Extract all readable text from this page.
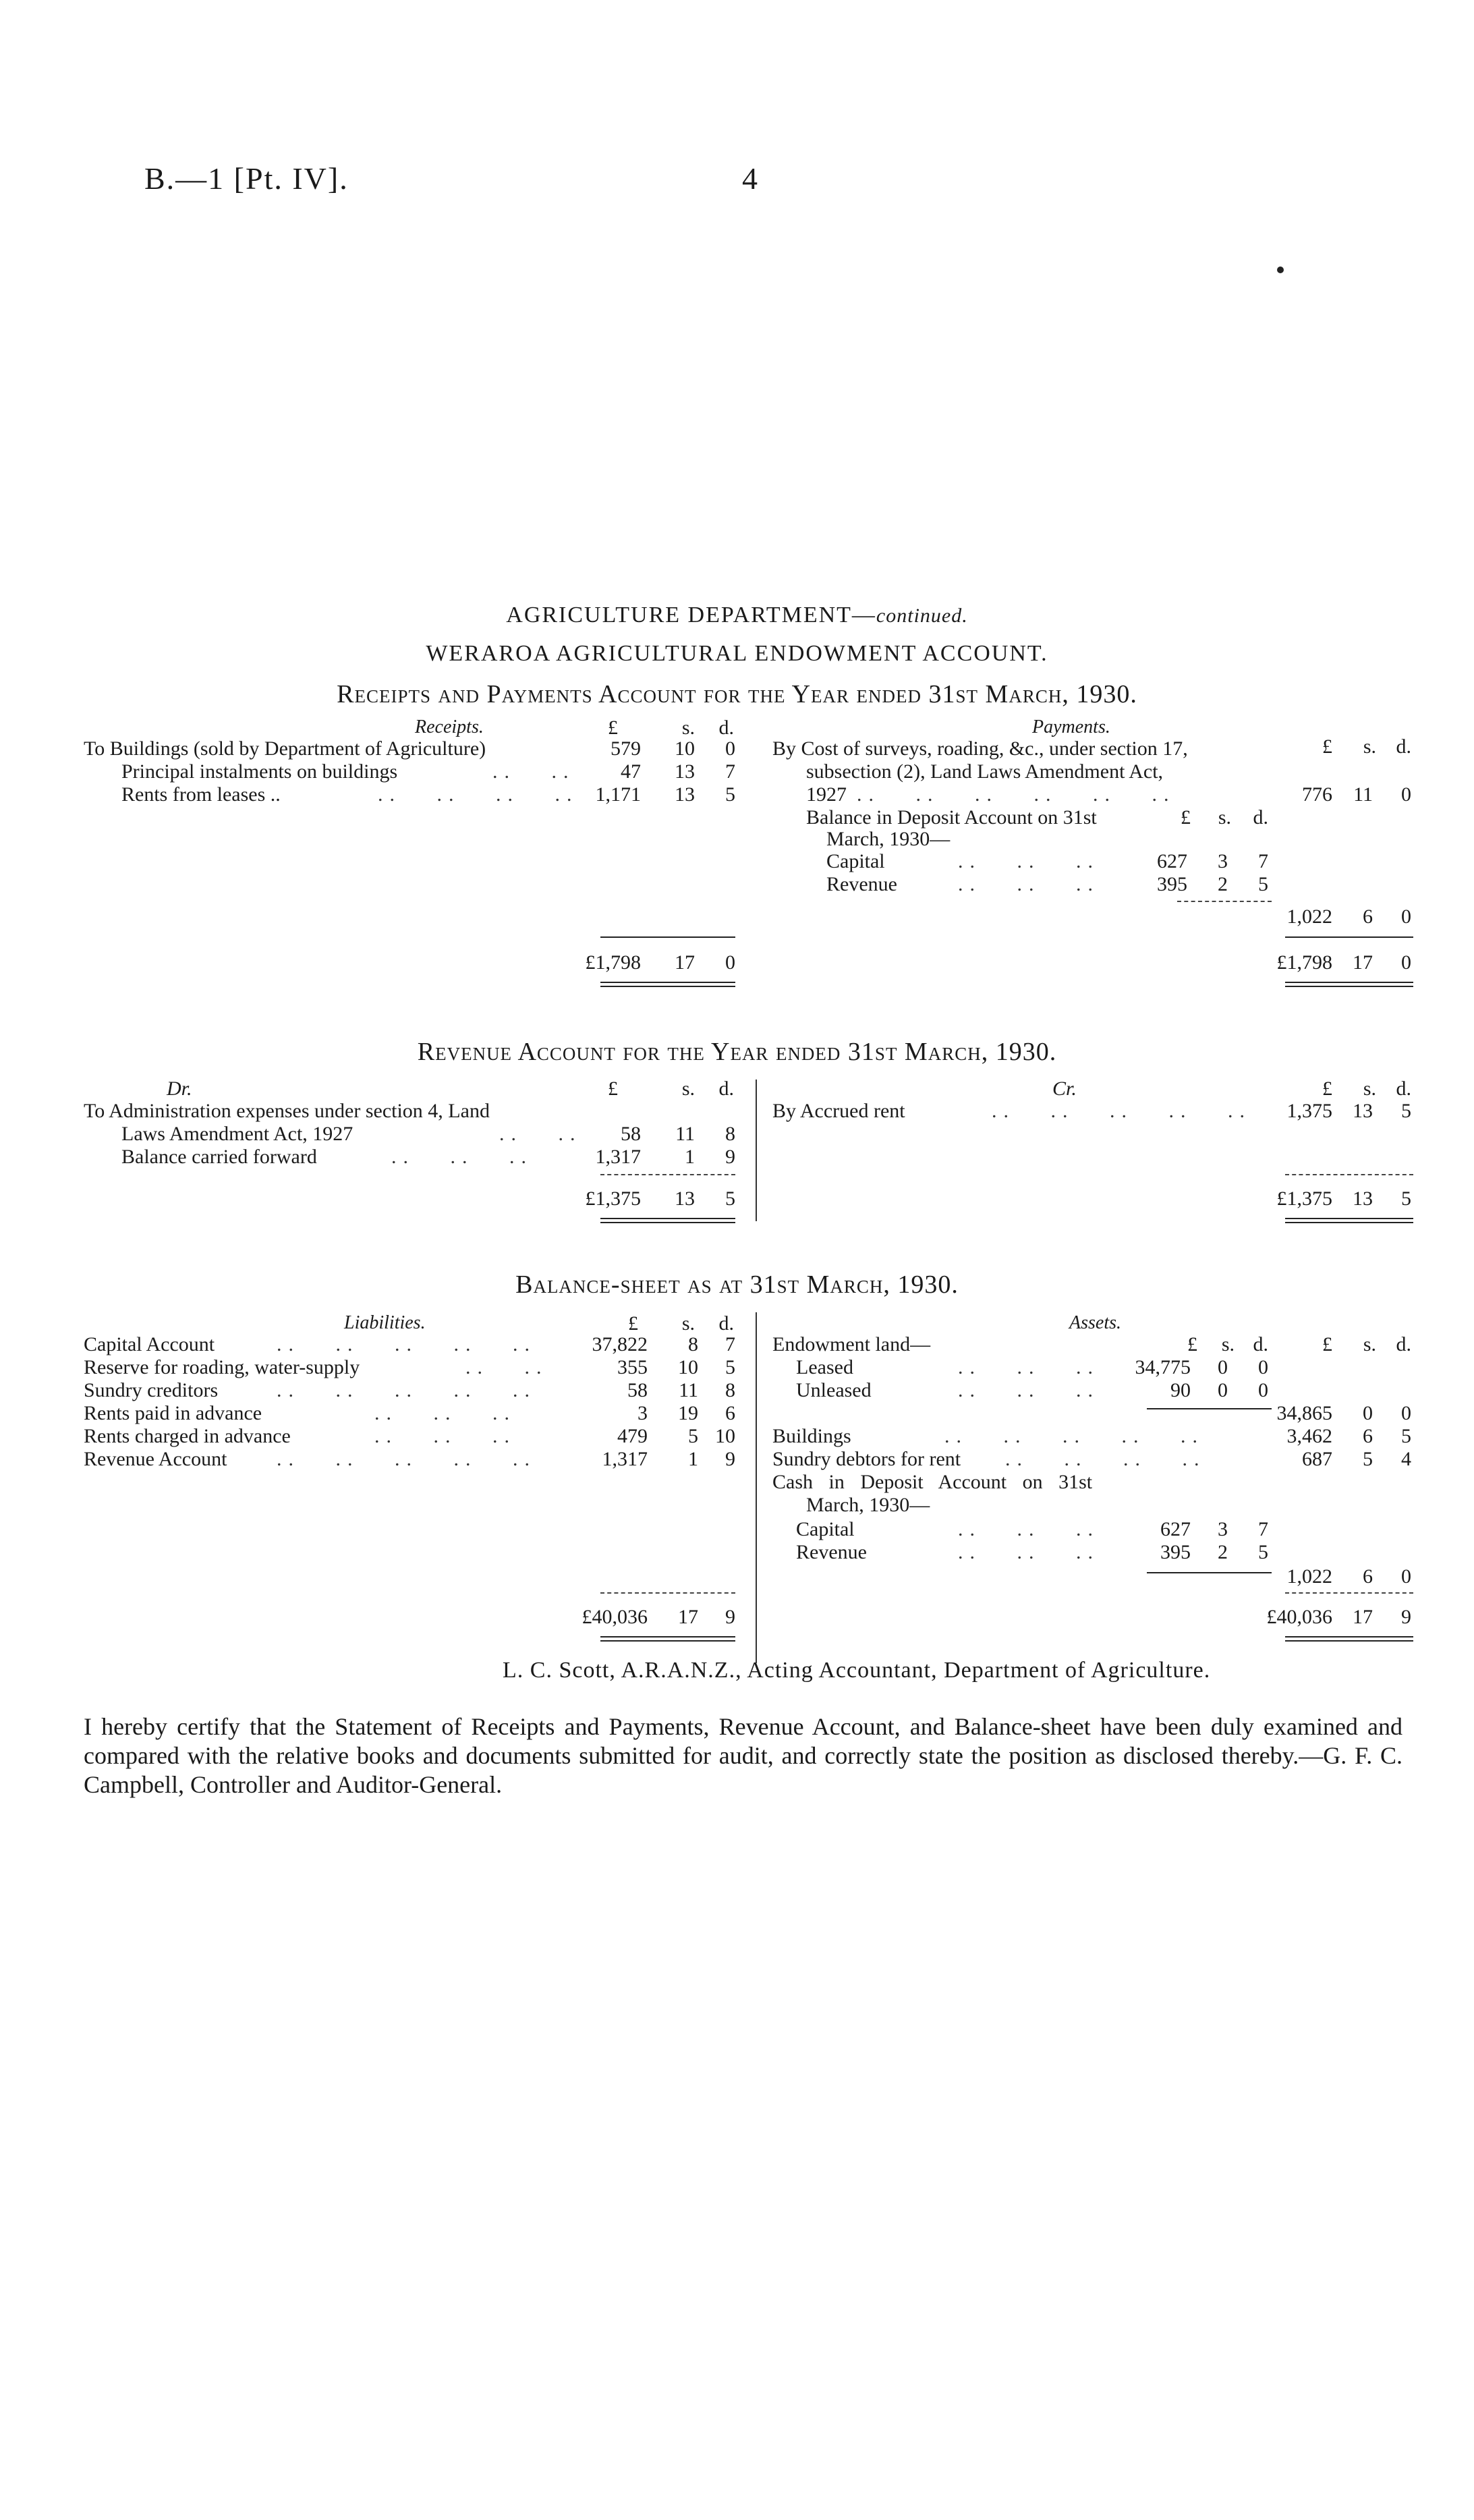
B.—1 [Pt. IV].	4
AGRICULTURE DEPARTMENT—continued.
WERAROA AGRICULTURAL ENDOWMENT ACCOUNT.
Receipts and Payments Account for the Year ended 31st March, 1930.
Receipts.	£	s.	d.	Payments.
£	s. d.
To Buildings (sold by Department of Agriculture)	579	10	0
Principal instalments on buildings	..   ..	47	13	7
Rents from leases ..	..   ..   ..   .. 1,171	13	5
By Cost of surveys, roading, &c., under section 17,
subsection (2), Land Laws Amendment Act,
1927 ..   ..   ..   ..   ..   ..	776	11	0
Balance in Deposit Account on 31st	£	s.	d.
March, 1930—
Capital	..   ..   ..	627	3	7
Revenue	..   ..   ..	395	2	5
1,022	6	0
£1,798	17	0	£1,798	17	0
Revenue Account for the Year ended 31st March, 1930.
Dr.	£	s.	d.	Cr.	£	s. d.
To Administration expenses under section 4, Land
Laws Amendment Act, 1927	..   ..	58	11	8
Balance carried forward	..   ..   ..	1,317	1	9
By Accrued rent	..   ..   ..   ..   ..	1,375	13	5
£1,375	13	5	£1,375	13	5
Balance-sheet as at 31st March, 1930.
Liabilities.	£	s.	d.	Assets.
Capital Account	..   ..   ..   ..   ..	37,822	8	7
Reserve for roading, water-supply	..   ..	355	10	5
Sundry creditors	..   ..   ..   ..   ..	58	11	8
Rents paid in advance	..   ..   ..	3	19	6
Rents charged in advance	..   ..   ..	479	5 10
Revenue Account ..   ..   ..   ..   ..	1,317	1	9
Endowment land—	£	s. d.	£	s. d.
Leased	..   ..   ..	34,775	0	0
Unleased	..   ..   ..	90	0	0
34,865	0	0
Buildings	..   ..   ..   ..   ..	3,462	6	5
Sundry debtors for rent ..   ..   ..   ..	687	5	4
Cash in Deposit Account on 31st
March, 1930—
Capital	..   ..   ..	627	3	7
Revenue	..   ..   ..	395	2	5
1,022	6	0
£40,036	17	9	£40,036	17	9
L. C. Scott, A.R.A.N.Z., Acting Accountant, Department of Agriculture.
I hereby certify that the Statement of Receipts and Payments, Revenue Account, and Balance-sheet have been duly examined and compared with the relative books and documents submitted for audit, and correctly state the position as disclosed thereby.—G. F. C. Campbell, Controller and Auditor-General.
